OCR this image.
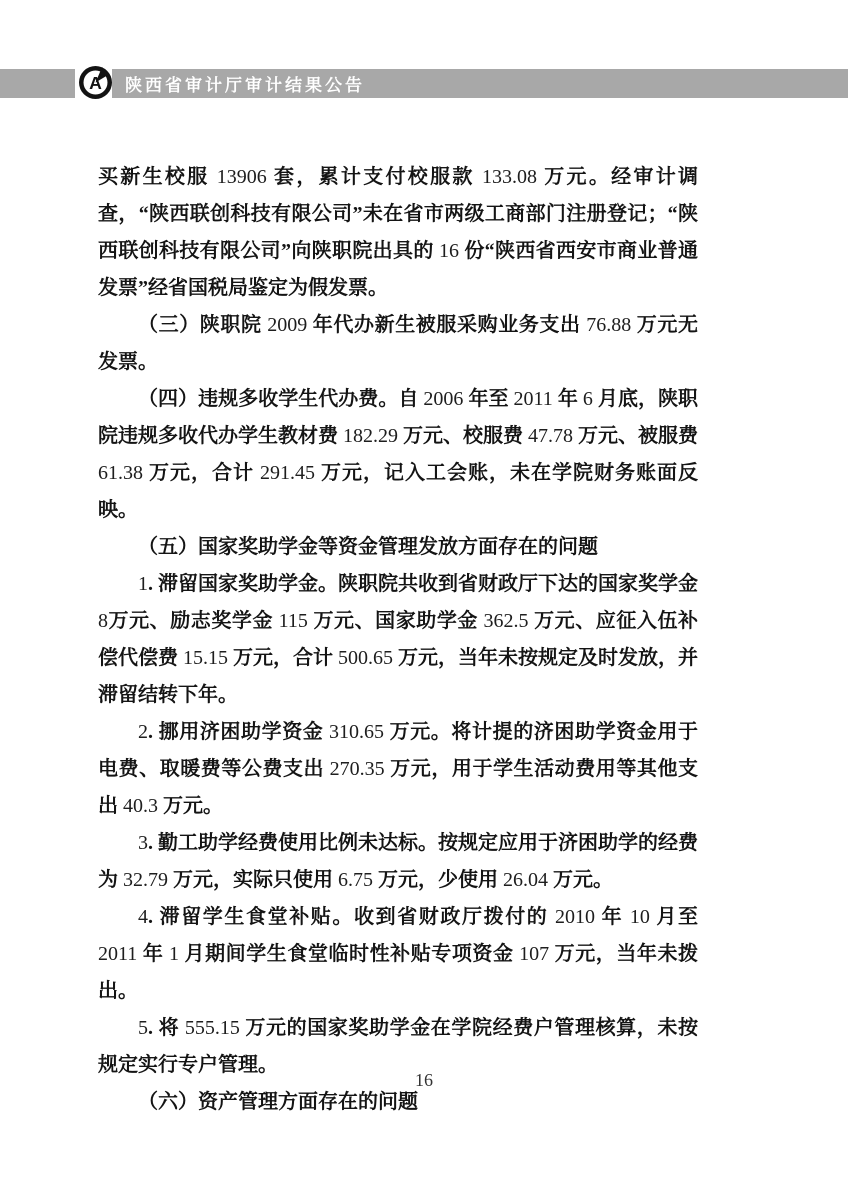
陕西省审计厅审计结果公告
A

买新生校服 13906 套，累计支付校服款 133.08 万元。经审计调查，“陕西联创科技有限公司”未在省市两级工商部门注册登记；“陕西联创科技有限公司”向陕职院出具的 16 份“陕西省西安市商业普通发票”经省国税局鉴定为假发票。

（三）陕职院 2009 年代办新生被服采购业务支出 76.88 万元无发票。

（四）违规多收学生代办费。自 2006 年至 2011 年 6 月底，陕职院违规多收代办学生教材费 182.29 万元、校服费 47.78 万元、被服费 61.38 万元，合计 291.45 万元，记入工会账，未在学院财务账面反映。

（五）国家奖助学金等资金管理发放方面存在的问题

1. 滞留国家奖助学金。陕职院共收到省财政厅下达的国家奖学金8万元、励志奖学金 115 万元、国家助学金 362.5 万元、应征入伍补偿代偿费 15.15 万元，合计 500.65 万元，当年未按规定及时发放，并滞留结转下年。

2. 挪用济困助学资金 310.65 万元。将计提的济困助学资金用于电费、取暖费等公费支出 270.35 万元，用于学生活动费用等其他支出 40.3 万元。

3. 勤工助学经费使用比例未达标。按规定应用于济困助学的经费为 32.79 万元，实际只使用 6.75 万元，少使用 26.04 万元。

4. 滞留学生食堂补贴。收到省财政厅拨付的 2010 年 10 月至 2011 年 1 月期间学生食堂临时性补贴专项资金 107 万元，当年未拨出。

5. 将 555.15 万元的国家奖助学金在学院经费户管理核算，未按规定实行专户管理。

（六）资产管理方面存在的问题

16
